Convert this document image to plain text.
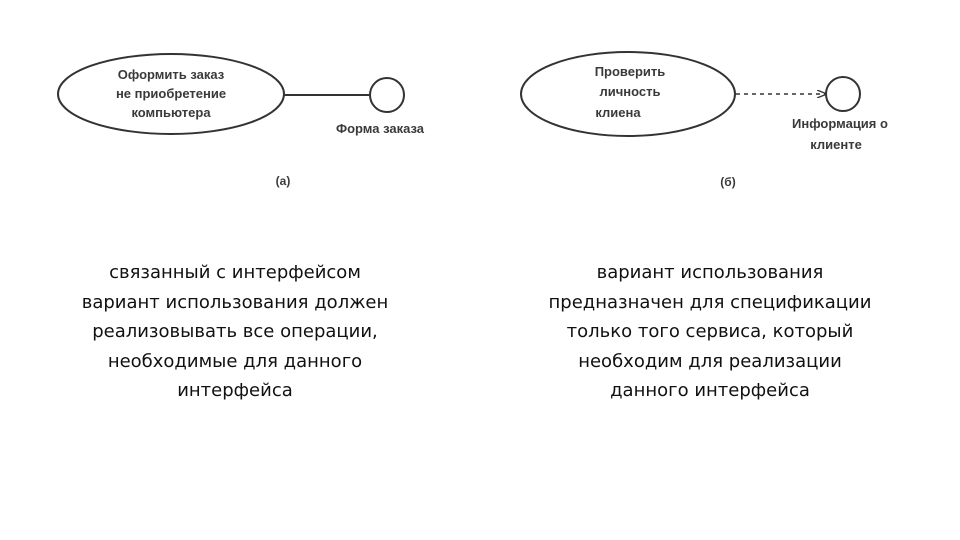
Оформить заказ
не приобретение
компьютера
Форма заказа
(а)
Проверить
личность
клиена
Информация о
клиенте
(б)
связанный с интерфейсом
вариант использования должен
реализовывать все операции,
необходимые для данного
интерфейса
вариант использования
предназначен для спецификации
только того сервиса, который
необходим для реализации
данного интерфейса
